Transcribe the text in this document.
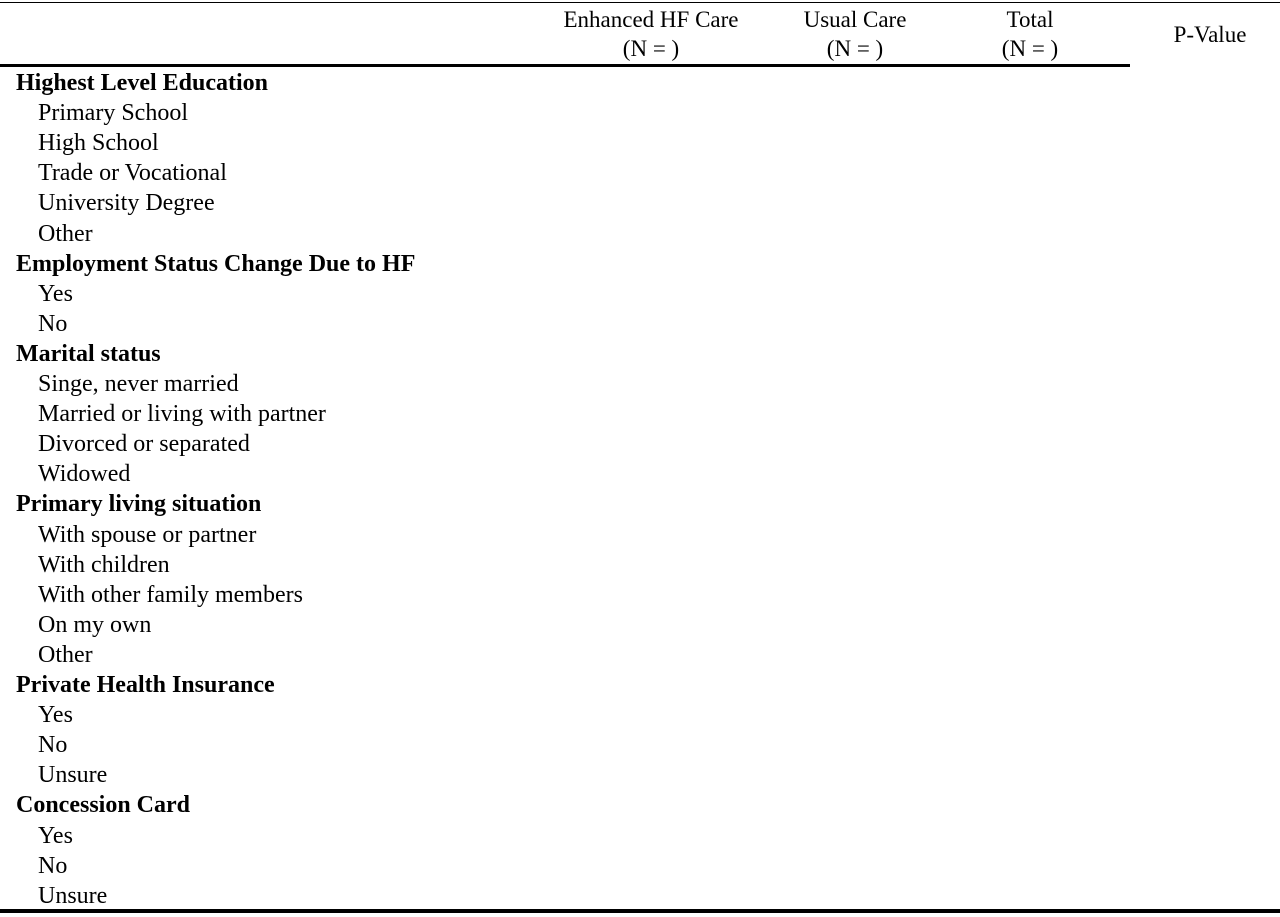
Enhanced HF Care
(N = )
Usual Care
(N = )
Total
(N = )
P-Value
Highest Level Education
Primary School
High School
Trade or Vocational
University Degree
Other
Employment Status Change Due to HF
Yes
No
Marital status
Singe, never married
Married or living with partner
Divorced or separated
Widowed
Primary living situation
With spouse or partner
With children
With other family members
On my own
Other
Private Health Insurance
Yes
No
Unsure
Concession Card
Yes
No
Unsure
